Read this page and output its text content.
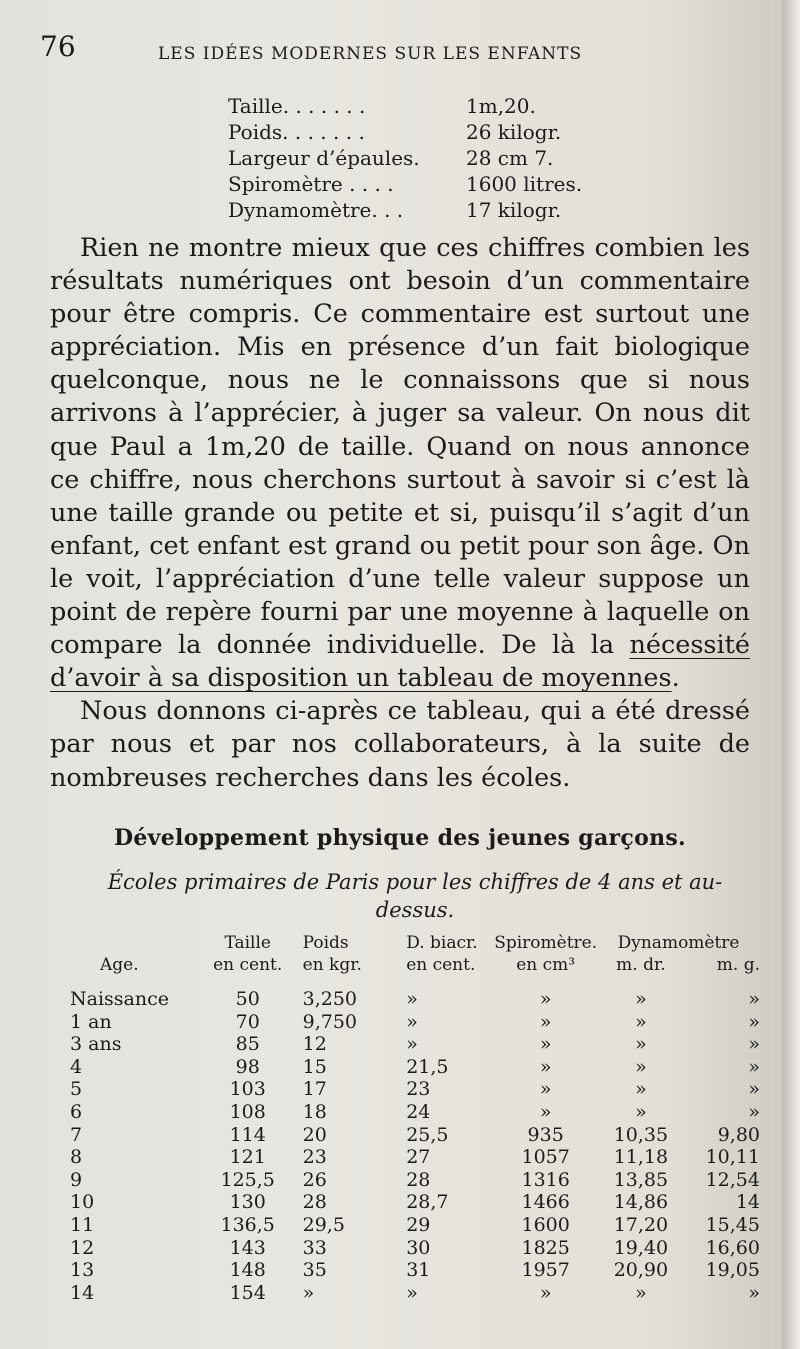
76	LES IDÉES MODERNES SUR LES ENFANTS
Taille. . . . . . .	1m,20.
Poids. . . . . . .	26 kilogr.
Largeur d’épaules.	28 cm 7.
Spiromètre . . . .	1600 litres.
Dynamomètre. . .	17 kilogr.

Rien ne montre mieux que ces chiffres combien les résultats numériques ont besoin d’un commentaire pour être compris. Ce commentaire est surtout une appréciation. Mis en présence d’un fait biologique quelconque, nous ne le connaissons que si nous arrivons à l’apprécier, à juger sa valeur. On nous dit que Paul a 1m,20 de taille. Quand on nous annonce ce chiffre, nous cherchons surtout à savoir si c’est là une taille grande ou petite et si, puisqu’il s’agit d’un enfant, cet enfant est grand ou petit pour son âge. On le voit, l’appréciation d’une telle valeur suppose un point de repère fourni par une moyenne à laquelle on compare la donnée individuelle. De là la nécessité d’avoir à sa disposition un tableau de moyennes.

Nous donnons ci-après ce tableau, qui a été dressé par nous et par nos collaborateurs, à la suite de nombreuses recherches dans les écoles.

Développement physique des jeunes garçons.
Écoles primaires de Paris pour les chiffres de 4 ans et au-dessus.
	Taille	Poids	D. biacr.	Spiromètre.	Dynamomètre	
Age.	en cent.	en kgr.	en cent.	en cm³	m. dr.	m. g.
Naissance	50	3,250	»	»	»	»
1 an	70	9,750	»	»	»	»
3 ans	85	12	»	»	»	»
4	98	15	21,5	»	»	»
5	103	17	23	»	»	»
6	108	18	24	»	»	»
7	114	20	25,5	935	10,35	9,80
8	121	23	27	1057	11,18	10,11
9	125,5	26	28	1316	13,85	12,54
10	130	28	28,7	1466	14,86	14
11	136,5	29,5	29	1600	17,20	15,45
12	143	33	30	1825	19,40	16,60
13	148	35	31	1957	20,90	19,05
14	154	»	»	»	»	»
